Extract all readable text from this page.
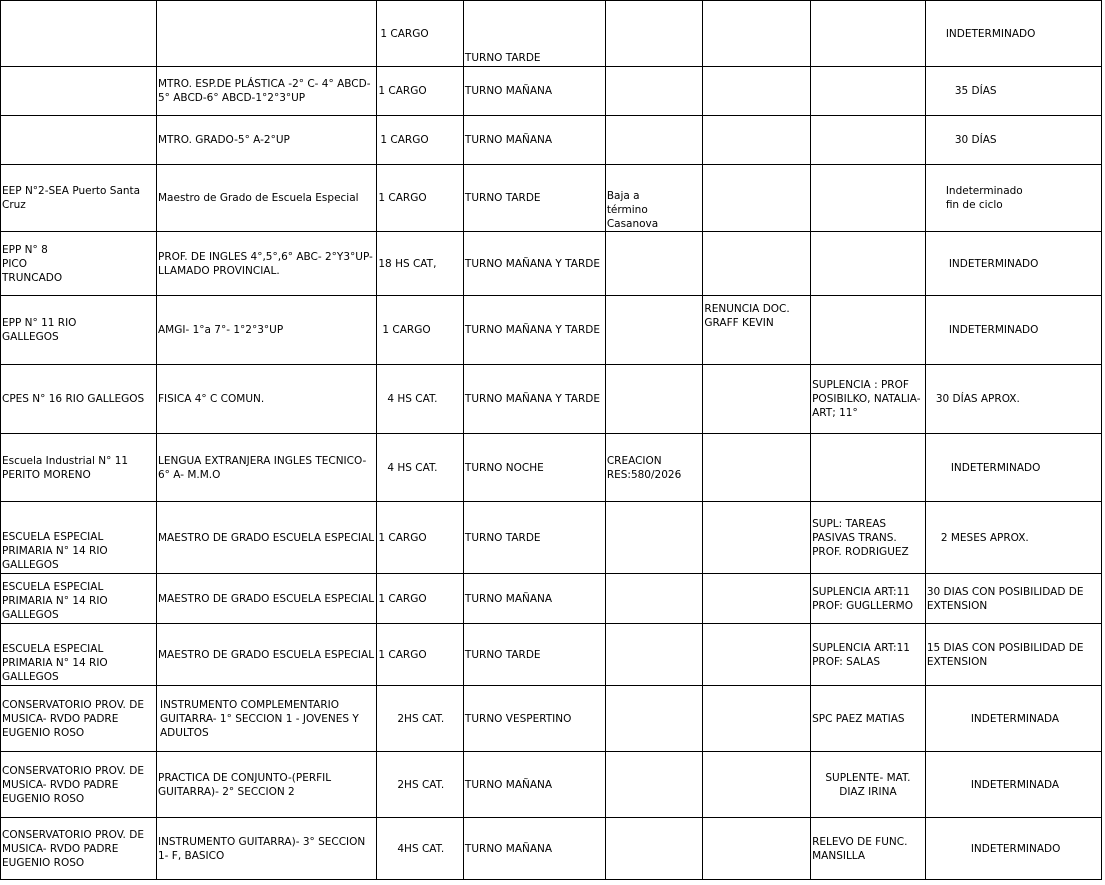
		1 CARGO	TURNO TARDE				INDETERMINADO
	MTRO. ESP.DE PLÁSTICA -2° C- 4° ABCD-5° ABCD-6° ABCD-1°2°3°UP	1 CARGO	TURNO MAÑANA				35 DÍAS
	MTRO. GRADO-5° A-2°UP	1 CARGO	TURNO MAÑANA				30 DÍAS
EEP N°2-SEA Puerto Santa Cruz	Maestro de Grado de Escuela Especial	1 CARGO	TURNO TARDE	Baja a término Casanova			Indeterminado fin de ciclo
EPP N° 8 PICO TRUNCADO	PROF. DE INGLES 4°,5°,6° ABC- 2°Y3°UP- LLAMADO PROVINCIAL.	18 HS CAT,	TURNO MAÑANA Y TARDE				INDETERMINADO
EPP N° 11 RIO GALLEGOS	AMGI- 1°a 7°- 1°2°3°UP	1 CARGO	TURNO MAÑANA Y TARDE		RENUNCIA DOC. GRAFF KEVIN		INDETERMINADO
CPES N° 16 RIO GALLEGOS	FISICA 4° C COMUN.	4 HS CAT.	TURNO MAÑANA Y TARDE			SUPLENCIA : PROF POSIBILKO, NATALIA- ART; 11°	30 DÍAS APROX.
Escuela Industrial N° 11 PERITO MORENO	LENGUA EXTRANJERA INGLES TECNICO- 6° A- M.M.O	4 HS CAT.	TURNO NOCHE	CREACION RES:580/2026			INDETERMINADO
ESCUELA ESPECIAL PRIMARIA N° 14 RIO GALLEGOS	MAESTRO DE GRADO ESCUELA ESPECIAL	1 CARGO	TURNO TARDE			SUPL: TAREAS PASIVAS TRANS. PROF. RODRIGUEZ	2 MESES APROX.
ESCUELA ESPECIAL PRIMARIA N° 14 RIO GALLEGOS	MAESTRO DE GRADO ESCUELA ESPECIAL	1 CARGO	TURNO MAÑANA			SUPLENCIA ART:11 PROF: GUGLLERMO	30 DIAS CON POSIBILIDAD DE EXTENSION
ESCUELA ESPECIAL PRIMARIA N° 14 RIO GALLEGOS	MAESTRO DE GRADO ESCUELA ESPECIAL	1 CARGO	TURNO TARDE			SUPLENCIA ART:11 PROF: SALAS	15 DIAS CON POSIBILIDAD DE EXTENSION
CONSERVATORIO PROV. DE MUSICA- RVDO PADRE EUGENIO ROSO	INSTRUMENTO COMPLEMENTARIO GUITARRA- 1° SECCION 1 - JOVENES Y ADULTOS	2HS CAT.	TURNO VESPERTINO			SPC PAEZ MATIAS	INDETERMINADA
CONSERVATORIO PROV. DE MUSICA- RVDO PADRE EUGENIO ROSO	PRACTICA DE CONJUNTO-(PERFIL GUITARRA)- 2° SECCION 2	2HS CAT.	TURNO MAÑANA			SUPLENTE- MAT. DIAZ IRINA	INDETERMINADA
CONSERVATORIO PROV. DE MUSICA- RVDO PADRE EUGENIO ROSO	INSTRUMENTO GUITARRA)- 3° SECCION 1- F, BASICO	4HS CAT.	TURNO MAÑANA			RELEVO DE FUNC. MANSILLA	INDETERMINADO
